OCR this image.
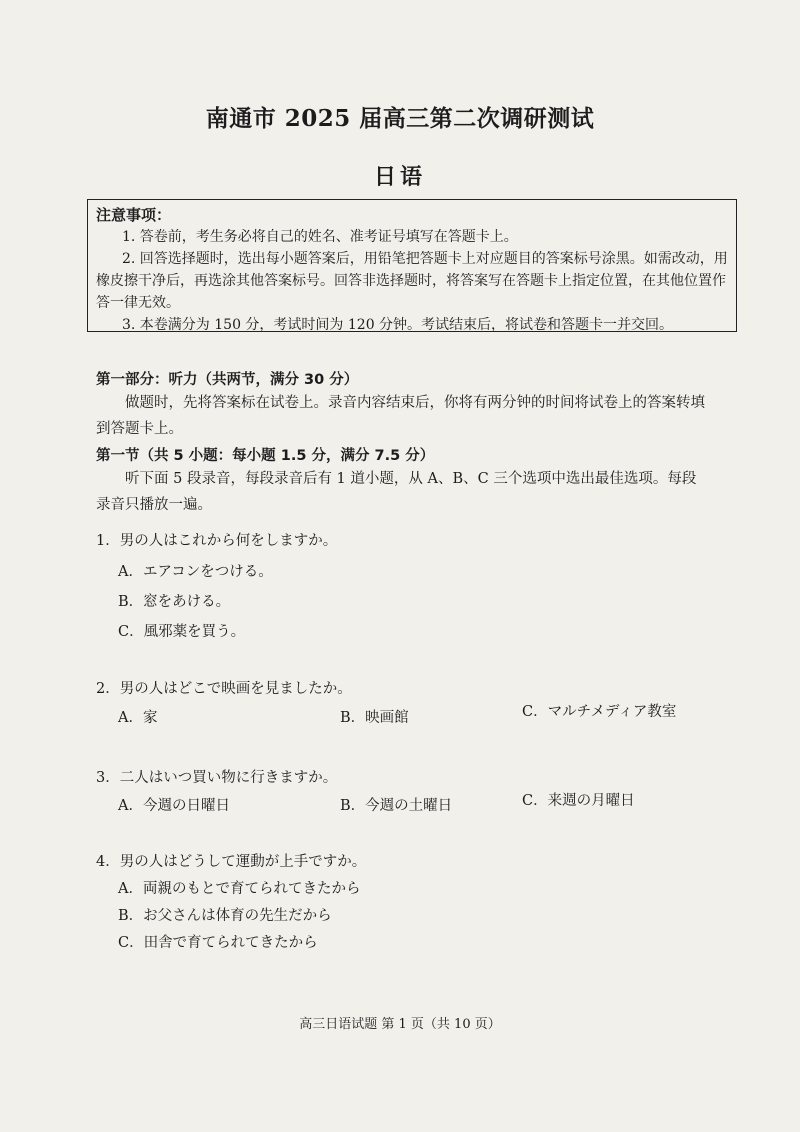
南通市 2025 届高三第二次调研测试
日语

注意事项：

1. 答卷前，考生务必将自己的姓名、准考证号填写在答题卡上。

2. 回答选择题时，选出每小题答案后，用铅笔把答题卡上对应题目的答案标号涂黑。如需改动，用橡皮擦干净后，再选涂其他答案标号。回答非选择题时，将答案写在答题卡上指定位置，在其他位置作答一律无效。

3. 本卷满分为 150 分，考试时间为 120 分钟。考试结束后，将试卷和答题卡一并交回。

第一部分：听力（共两节，满分 30 分）
做题时，先将答案标在试卷上。录音内容结束后，你将有两分钟的时间将试卷上的答案转填到答题卡上。
第一节（共 5 小题：每小题 1.5 分，满分 7.5 分）
听下面 5 段录音，每段录音后有 1 道小题，从 A、B、C 三个选项中选出最佳选项。每段录音只播放一遍。
1．男の人はこれから何をしますか。
A．エアコンをつける。
B．窓をあける。
C．風邪薬を買う。
2．男の人はどこで映画を見ましたか。
A．家	B．映画館	C．マルチメディア教室
3．二人はいつ買い物に行きますか。
A．今週の日曜日	B．今週の土曜日	C．来週の月曜日
4．男の人はどうして運動が上手ですか。
A．両親のもとで育てられてきたから
B．お父さんは体育の先生だから
C．田舎で育てられてきたから
高三日语试题 第 1 页（共 10 页）
